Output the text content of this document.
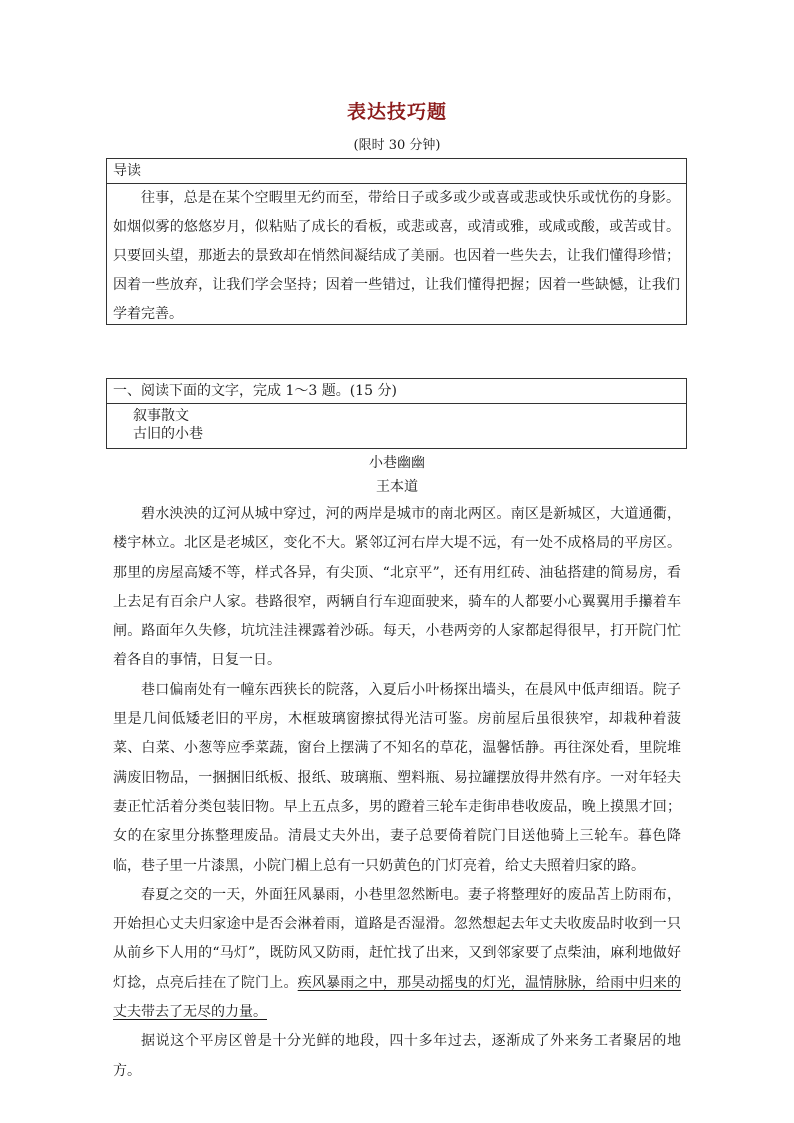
表达技巧题
(限时 30 分钟)
导读
往事，总是在某个空暇里无约而至，带给日子或多或少或喜或悲或快乐或忧伤的身影。如烟似雾的悠悠岁月，似粘贴了成长的看板，或悲或喜，或清或雅，或咸或酸，或苦或甘。只要回头望，那逝去的景致却在悄然间凝结成了美丽。也因着一些失去，让我们懂得珍惜；因着一些放弃，让我们学会坚持；因着一些错过，让我们懂得把握；因着一些缺憾，让我们学着完善。
一、阅读下面的文字，完成 1～3 题。(15 分)
叙事散文
古旧的小巷
小巷幽幽
王本道

碧水泱泱的辽河从城中穿过，河的两岸是城市的南北两区。南区是新城区，大道通衢，楼宇林立。北区是老城区，变化不大。紧邻辽河右岸大堤不远，有一处不成格局的平房区。那里的房屋高矮不等，样式各异，有尖顶、“北京平”，还有用红砖、油毡搭建的简易房，看上去足有百余户人家。巷路很窄，两辆自行车迎面驶来，骑车的人都要小心翼翼用手攥着车闸。路面年久失修，坑坑洼洼裸露着沙砾。每天，小巷两旁的人家都起得很早，打开院门忙着各自的事情，日复一日。

巷口偏南处有一幢东西狭长的院落，入夏后小叶杨探出墙头，在晨风中低声细语。院子里是几间低矮老旧的平房，木框玻璃窗擦拭得光洁可鉴。房前屋后虽很狭窄，却栽种着菠菜、白菜、小葱等应季菜蔬，窗台上摆满了不知名的草花，温馨恬静。再往深处看，里院堆满废旧物品，一捆捆旧纸板、报纸、玻璃瓶、塑料瓶、易拉罐摆放得井然有序。一对年轻夫妻正忙活着分类包装旧物。早上五点多，男的蹬着三轮车走街串巷收废品，晚上摸黑才回；女的在家里分拣整理废品。清晨丈夫外出，妻子总要倚着院门目送他骑上三轮车。暮色降临，巷子里一片漆黑，小院门楣上总有一只奶黄色的门灯亮着，给丈夫照着归家的路。

春夏之交的一天，外面狂风暴雨，小巷里忽然断电。妻子将整理好的废品苫上防雨布，开始担心丈夫归家途中是否会淋着雨，道路是否湿滑。忽然想起去年丈夫收废品时收到一只从前乡下人用的“马灯”，既防风又防雨，赶忙找了出来，又到邻家要了点柴油，麻利地做好灯捻，点亮后挂在了院门上。疾风暴雨之中，那昊动摇曳的灯光，温情脉脉，给雨中归来的丈夫带去了无尽的力量。

据说这个平房区曾是十分光鲜的地段，四十多年过去，逐渐成了外来务工者聚居的地方。
